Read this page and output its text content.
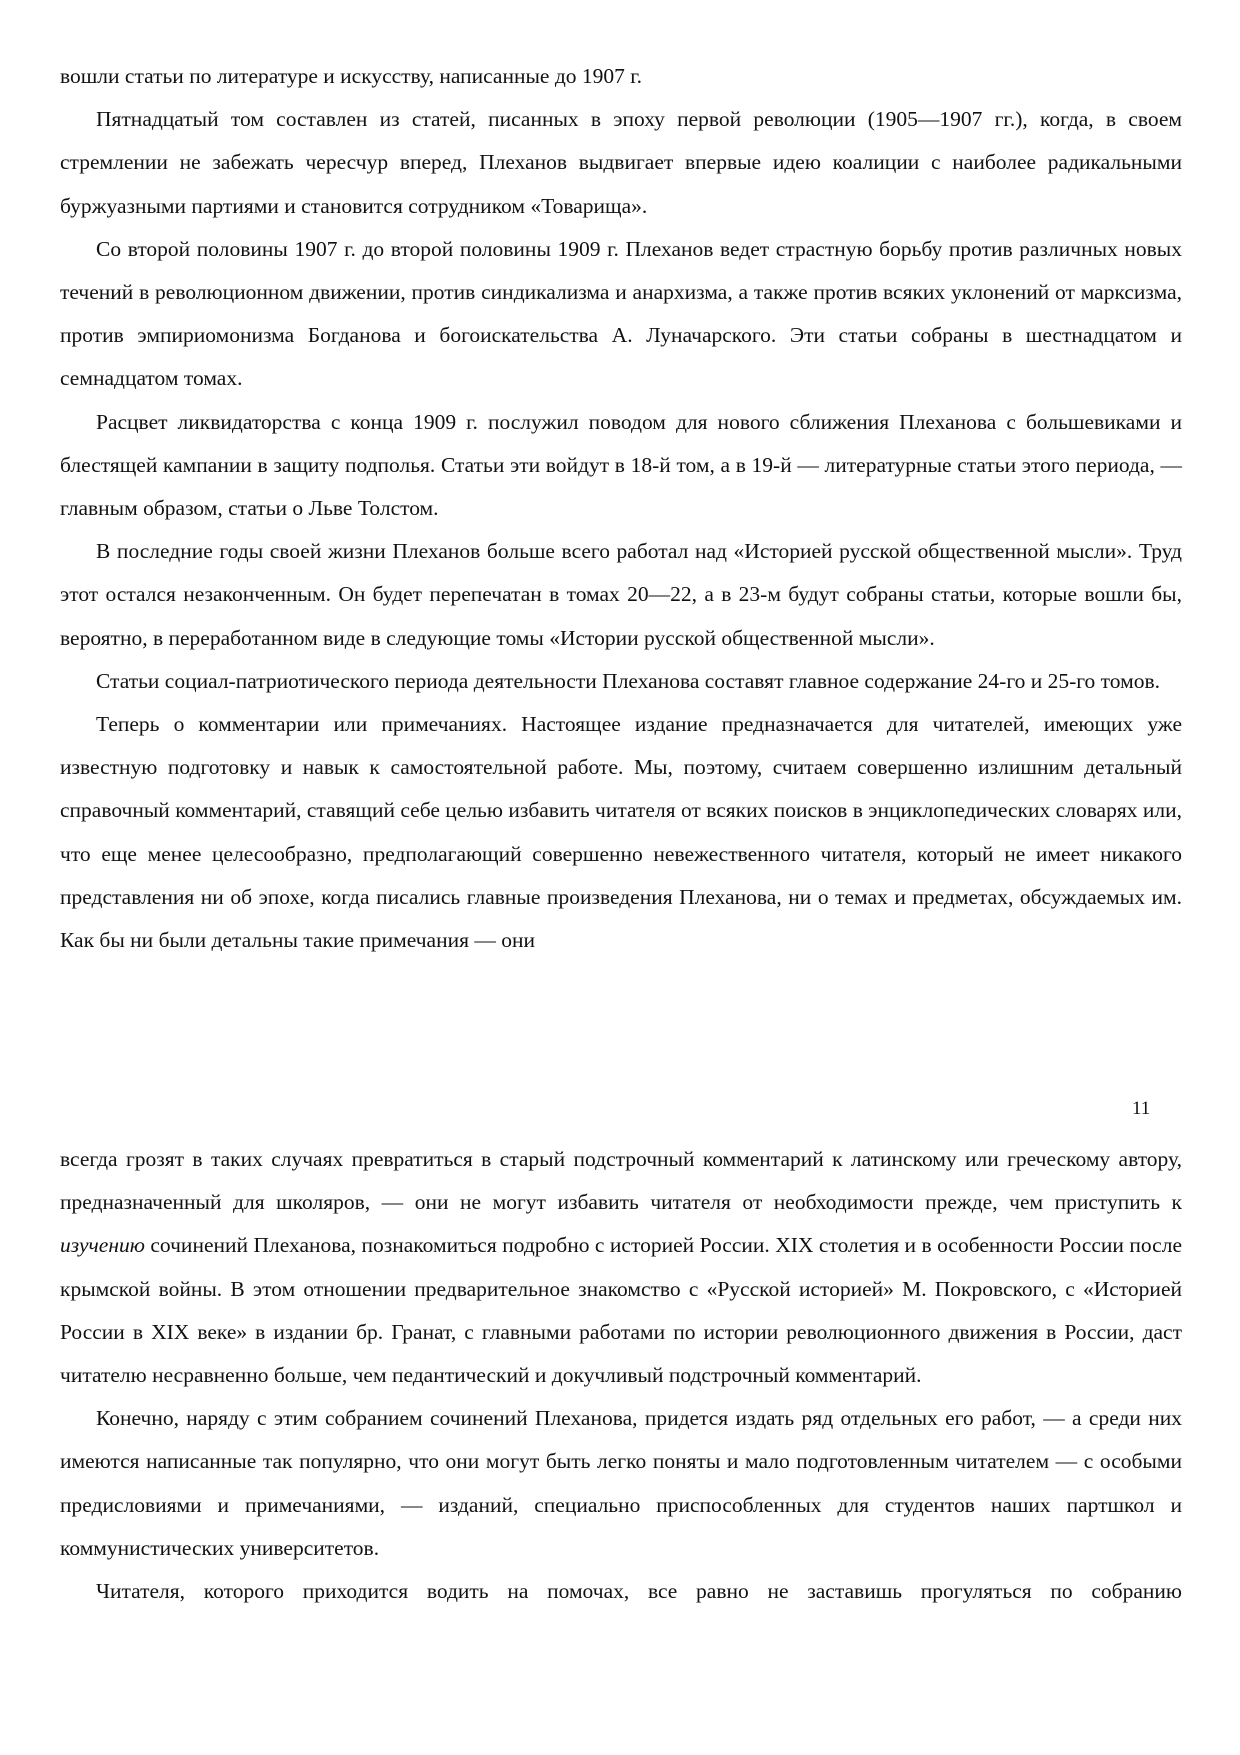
вошли статьи по литературе и искусству, написанные до 1907 г.

Пятнадцатый том составлен из статей, писанных в эпоху первой революции (1905—1907 гг.), когда, в своем стремлении не забежать чересчур вперед, Плеханов выдвигает впервые идею коалиции с наиболее радикальными буржуазными партиями и становится сотрудником «Товарища».

Со второй половины 1907 г. до второй половины 1909 г. Плеханов ведет страстную борьбу против различных новых течений в революционном движении, против синдикализма и анархизма, а также против всяких уклонений от марксизма, против эмпириомонизма Богданова и богоискательства А. Луначарского. Эти статьи собраны в шестнадцатом и семнадцатом томах.

Расцвет ликвидаторства с конца 1909 г. послужил поводом для нового сближения Плеханова с большевиками и блестящей кампании в защиту подполья. Статьи эти войдут в 18-й том, а в 19-й — литературные статьи этого периода, — главным образом, статьи о Льве Толстом.

В последние годы своей жизни Плеханов больше всего работал над «Историей русской общественной мысли». Труд этот остался незаконченным. Он будет перепечатан в томах 20—22, а в 23-м будут собраны статьи, которые вошли бы, вероятно, в переработанном виде в следующие томы «Истории русской общественной мысли».

Статьи социал-патриотического периода деятельности Плеханова составят главное содержание 24-го и 25-го томов.

Теперь о комментарии или примечаниях. Настоящее издание предназначается для читателей, имеющих уже известную подготовку и навык к самостоятельной работе. Мы, поэтому, считаем совершенно излишним детальный справочный комментарий, ставящий себе целью избавить читателя от всяких поисков в энциклопедических словарях или, что еще менее целесообразно, предполагающий совершенно невежественного читателя, который не имеет никакого представления ни об эпохе, когда писались главные произведения Плеханова, ни о темах и предметах, обсуждаемых им. Как бы ни были детальны такие примечания — они

11

всегда грозят в таких случаях превратиться в старый подстрочный комментарий к латинскому или греческому автору, предназначенный для школяров, — они не могут избавить читателя от необходимости прежде, чем приступить к изучению сочинений Плеханова, познакомиться подробно с историей России. XIX столетия и в особенности России после крымской войны. В этом отношении предварительное знакомство с «Русской историей» М. Покровского, с «Историей России в XIX веке» в издании бр. Гранат, с главными работами по истории революционного движения в России, даст читателю несравненно больше, чем педантический и докучливый подстрочный комментарий.

Конечно, наряду с этим собранием сочинений Плеханова, придется издать ряд отдельных его работ, — а среди них имеются написанные так популярно, что они могут быть легко поняты и мало подготовленным читателем — с особыми предисловиями и примечаниями, — изданий, специально приспособленных для студентов наших партшкол и коммунистических университетов.

Читателя, которого приходится водить на помочах, все равно не заставишь прогуляться по собранию
